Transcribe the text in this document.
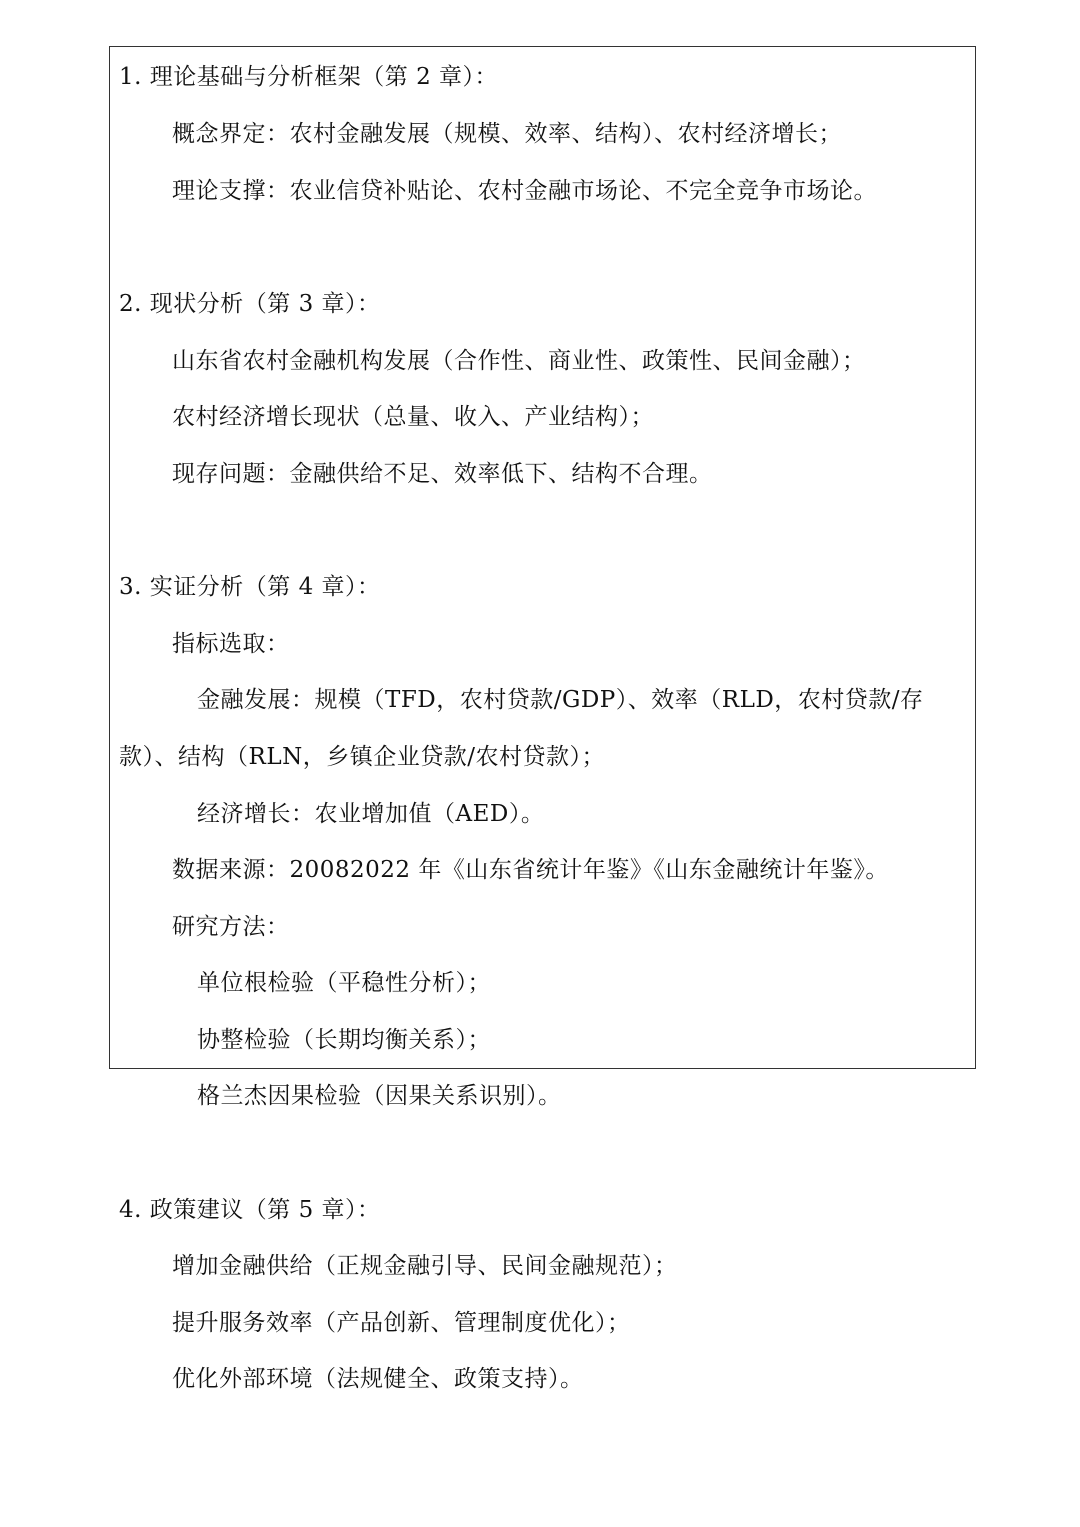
1. 理论基础与分析框架（第 2 章）：
概念界定：农村金融发展（规模、效率、结构）、农村经济增长；
理论支撑：农业信贷补贴论、农村金融市场论、不完全竞争市场论。
2. 现状分析（第 3 章）：
山东省农村金融机构发展（合作性、商业性、政策性、民间金融）；
农村经济增长现状（总量、收入、产业结构）；
现存问题：金融供给不足、效率低下、结构不合理。
3. 实证分析（第 4 章）：
指标选取：
金融发展：规模（TFD，农村贷款/GDP）、效率（RLD，农村贷款/存
款）、结构（RLN，乡镇企业贷款/农村贷款）；
经济增长：农业增加值（AED）。
数据来源：20082022 年《山东省统计年鉴》《山东金融统计年鉴》。
研究方法：
单位根检验（平稳性分析）；
协整检验（长期均衡关系）；
格兰杰因果检验（因果关系识别）。
4. 政策建议（第 5 章）：
增加金融供给（正规金融引导、民间金融规范）；
提升服务效率（产品创新、管理制度优化）；
优化外部环境（法规健全、政策支持）。
